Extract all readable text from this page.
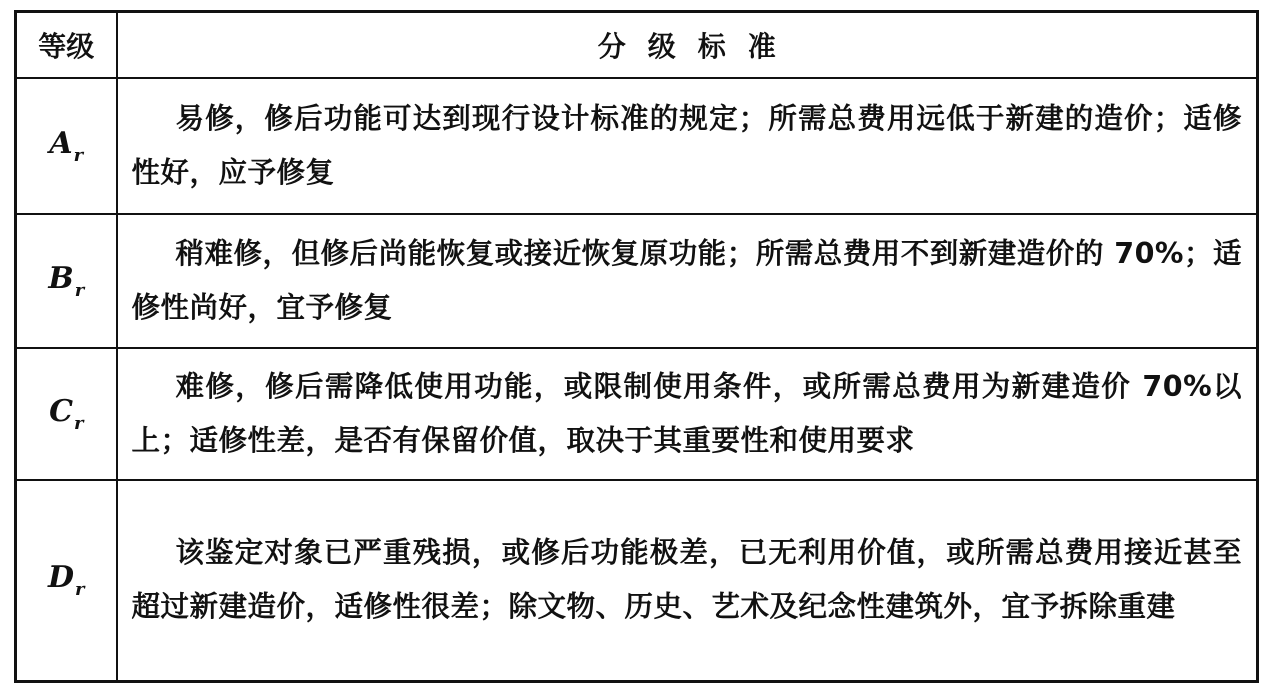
等级	分级标准
$A_r$	易修，修后功能可达到现行设计标准的规定；所需总费用远低于新建的造价；适修性好，应予修复

$B_r$	稍难修，但修后尚能恢复或接近恢复原功能；所需总费用不到新建造价的 70%；适修性尚好，宜予修复

$C_r$	难修，修后需降低使用功能，或限制使用条件，或所需总费用为新建造价 70%以上；适修性差，是否有保留价值，取决于其重要性和使用要求

$D_r$	该鉴定对象已严重残损，或修后功能极差，已无利用价值，或所需总费用接近甚至超过新建造价，适修性很差；除文物、历史、艺术及纪念性建筑外，宜予拆除重建
